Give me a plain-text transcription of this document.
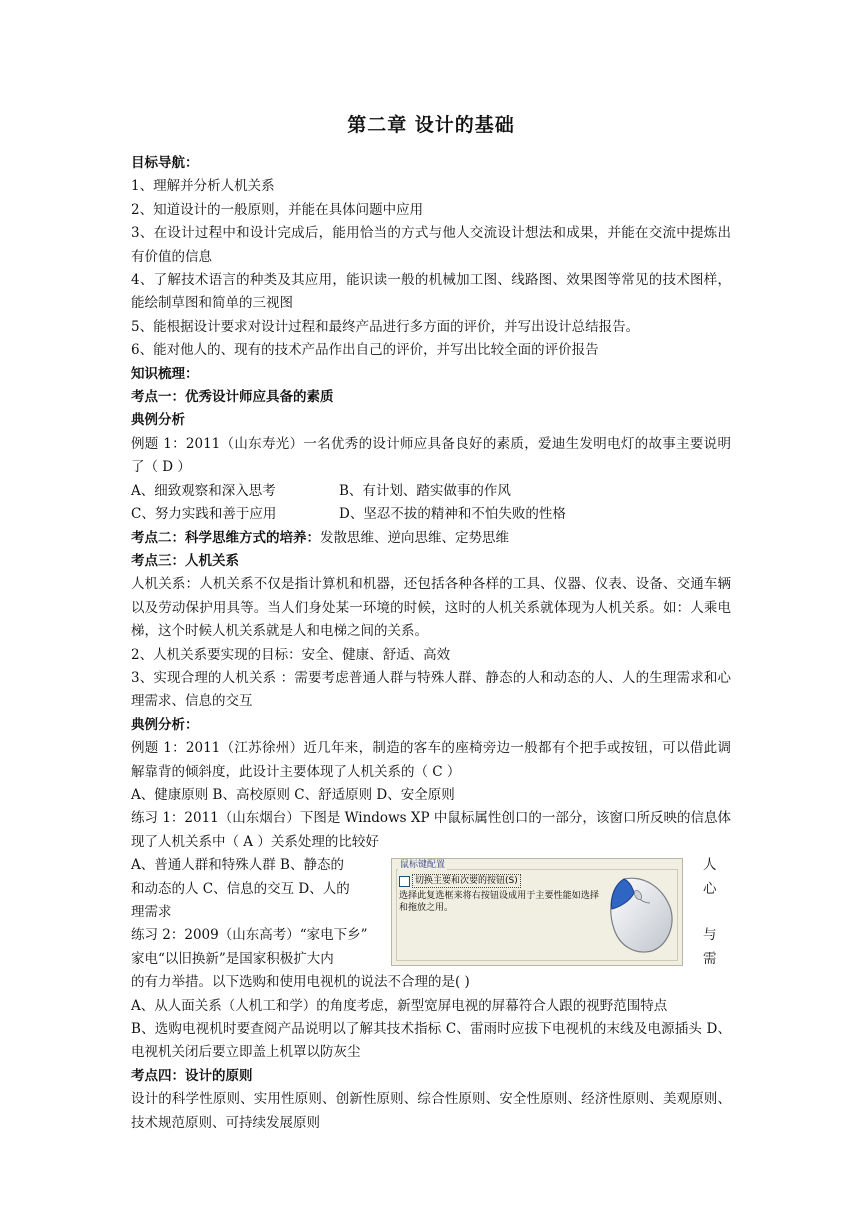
第二章 设计的基础

目标导航：

1、理解并分析人机关系

2、知道设计的一般原则，并能在具体问题中应用

3、在设计过程中和设计完成后，能用恰当的方式与他人交流设计想法和成果，并能在交流中提炼出有价值的信息

4、了解技术语言的种类及其应用，能识读一般的机械加工图、线路图、效果图等常见的技术图样，能绘制草图和简单的三视图

5、能根据设计要求对设计过程和最终产品进行多方面的评价，并写出设计总结报告。

6、能对他人的、现有的技术产品作出自己的评价，并写出比较全面的评价报告

知识梳理：

考点一：优秀设计师应具备的素质

典例分析

例题 1：2011（山东寿光）一名优秀的设计师应具备良好的素质，爱迪生发明电灯的故事主要说明了（ D ）

A、细致观察和深入思考	B、有计划、踏实做事的作风

C、努力实践和善于应用	D、坚忍不拔的精神和不怕失败的性格

考点二：科学思维方式的培养：发散思维、逆向思维、定势思维

考点三：人机关系

人机关系：人机关系不仅是指计算机和机器，还包括各种各样的工具、仪器、仪表、设备、交通车辆以及劳动保护用具等。当人们身处某一环境的时候，这时的人机关系就体现为人机关系。如：人乘电梯，这个时候人机关系就是人和电梯之间的关系。

2、人机关系要实现的目标：安全、健康、舒适、高效

3、实现合理的人机关系 ：需要考虑普通人群与特殊人群、静态的人和动态的人、人的生理需求和心理需求、信息的交互

典例分析：

例题 1：2011（江苏徐州）近几年来，制造的客车的座椅旁边一般都有个把手或按钮，可以借此调解靠背的倾斜度，此设计主要体现了人机关系的（ C ）

A、健康原则 B、高校原则 C、舒适原则 D、安全原则

练习 1：2011（山东烟台）下图是 Windows XP 中鼠标属性创口的一部分，该窗口所反映的信息体现了人机关系中（ A ）关系处理的比较好

A、普通人群和特殊人群 B、静态的
和动态的人 C、信息的交互 D、人的
理需求
练习 2：2009（山东高考）“家电下乡”
家电“以旧换新”是国家积极扩大内
人
心

与
需
鼠标键配置
切换主要和次要的按钮(S)
选择此复选框来将右按钮设成用于主要性能如选择和拖放之用。

的有力举措。以下选购和使用电视机的说法不合理的是( )

A、从人面关系（人机工和学）的角度考虑，新型宽屏电视的屏幕符合人跟的视野范围特点

B、选购电视机时要查阅产品说明以了解其技术指标 C、雷雨时应拔下电视机的末线及电源插头 D、电视机关闭后要立即盖上机罩以防灰尘

考点四：设计的原则

设计的科学性原则、实用性原则、创新性原则、综合性原则、安全性原则、经济性原则、美观原则、技术规范原则、可持续发展原则
